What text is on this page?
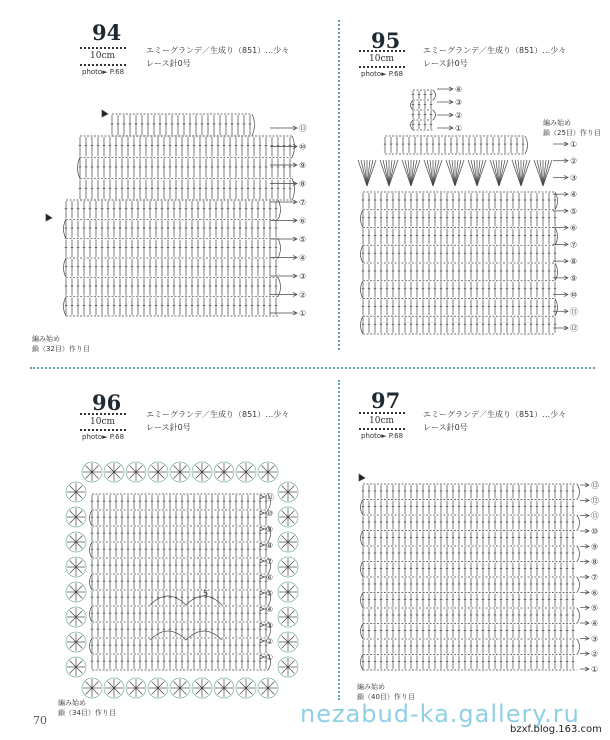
94
10cm
photo► P.68
エミーグランデ／生成り（851）…少々
レース針0号
⑪
⑩
⑨
⑧
⑦
⑥
⑤
④
③
②
①
編み始め
鎖（32目）作り目
95
10cm
photo► P.68
エミーグランデ／生成り（851）…少々
レース針0号
編み始め
鎖（25目）作り目
④
③
②
①
①
②
③
④
⑤
⑥
⑦
⑧
⑨
⑩
⑪
⑫
96
10cm
photo► P.68
エミーグランデ／生成り（851）…少々
レース針0号
⑪
⑩
⑨
⑧
⑦
⑥
⑤
④
③
②
①
5
編み始め
鎖（34目）作り目
97
10cm
photo► P.68
エミーグランデ／生成り（851）…少々
レース針0号
⑬
⑫
⑪
⑩
⑨
⑧
⑦
⑥
⑤
④
③
②
①
編み始め
鎖（40目）作り目
70	nezabud-ka.gallery.ru
bzxf.blog.163.com
